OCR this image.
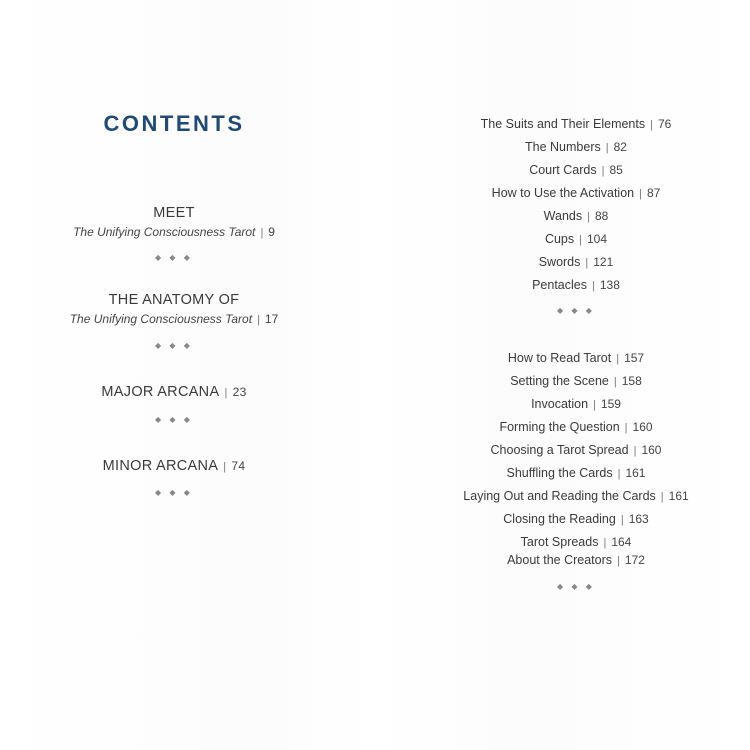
CONTENTS
MEET
The Unifying Consciousness Tarot | 9
◆ ◆ ◆
THE ANATOMY OF
The Unifying Consciousness Tarot | 17
◆ ◆ ◆
MAJOR ARCANA | 23
◆ ◆ ◆
MINOR ARCANA | 74
◆ ◆ ◆
The Suits and Their Elements | 76
The Numbers | 82
Court Cards | 85
How to Use the Activation | 87
Wands | 88
Cups | 104
Swords | 121
Pentacles | 138
◆ ◆ ◆
How to Read Tarot | 157
Setting the Scene | 158
Invocation | 159
Forming the Question | 160
Choosing a Tarot Spread | 160
Shuffling the Cards | 161
Laying Out and Reading the Cards | 161
Closing the Reading | 163
Tarot Spreads | 164
About the Creators | 172
◆ ◆ ◆
